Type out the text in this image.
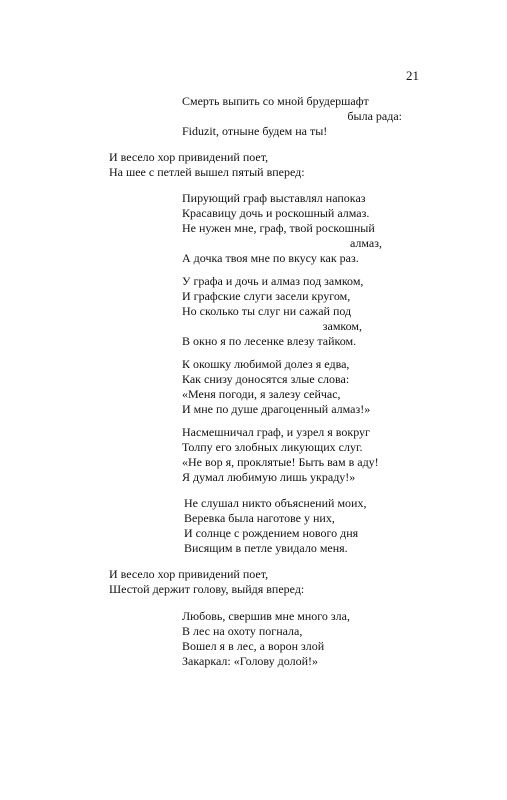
21
Смерть выпить со мной брудершафт
была рада:
Fiduzit, отныне будем на ты!
И весело хор привидений поет,
На шее с петлей вышел пятый вперед:
Пирующий граф выставлял напоказ
Красавицу дочь и роскошный алмаз.
Не нужен мне, граф, твой роскошный
алмаз,
А дочка твоя мне по вкусу как раз.
У графа и дочь и алмаз под замком,
И графские слуги засели кругом,
Но сколько ты слуг ни сажай под
замком,
В окно я по лесенке влезу тайком.
К окошку любимой долез я едва,
Как снизу доносятся злые слова:
«Меня погоди, я залезу сейчас,
И мне по душе драгоценный алмаз!»
Насмешничал граф, и узрел я вокруг
Толпу его злобных ликующих слуг.
«Не вор я, проклятые! Быть вам в аду!
Я думал любимую лишь украду!»
Не слушал никто объяснений моих,
Веревка была наготове у них,
И солнце с рождением нового дня
Висящим в петле увидало меня.
И весело хор привидений поет,
Шестой держит голову, выйдя вперед:
Любовь, свершив мне много зла,
В лес на охоту погнала,
Вошел я в лес, а ворон злой
Закаркал: «Голову долой!»
